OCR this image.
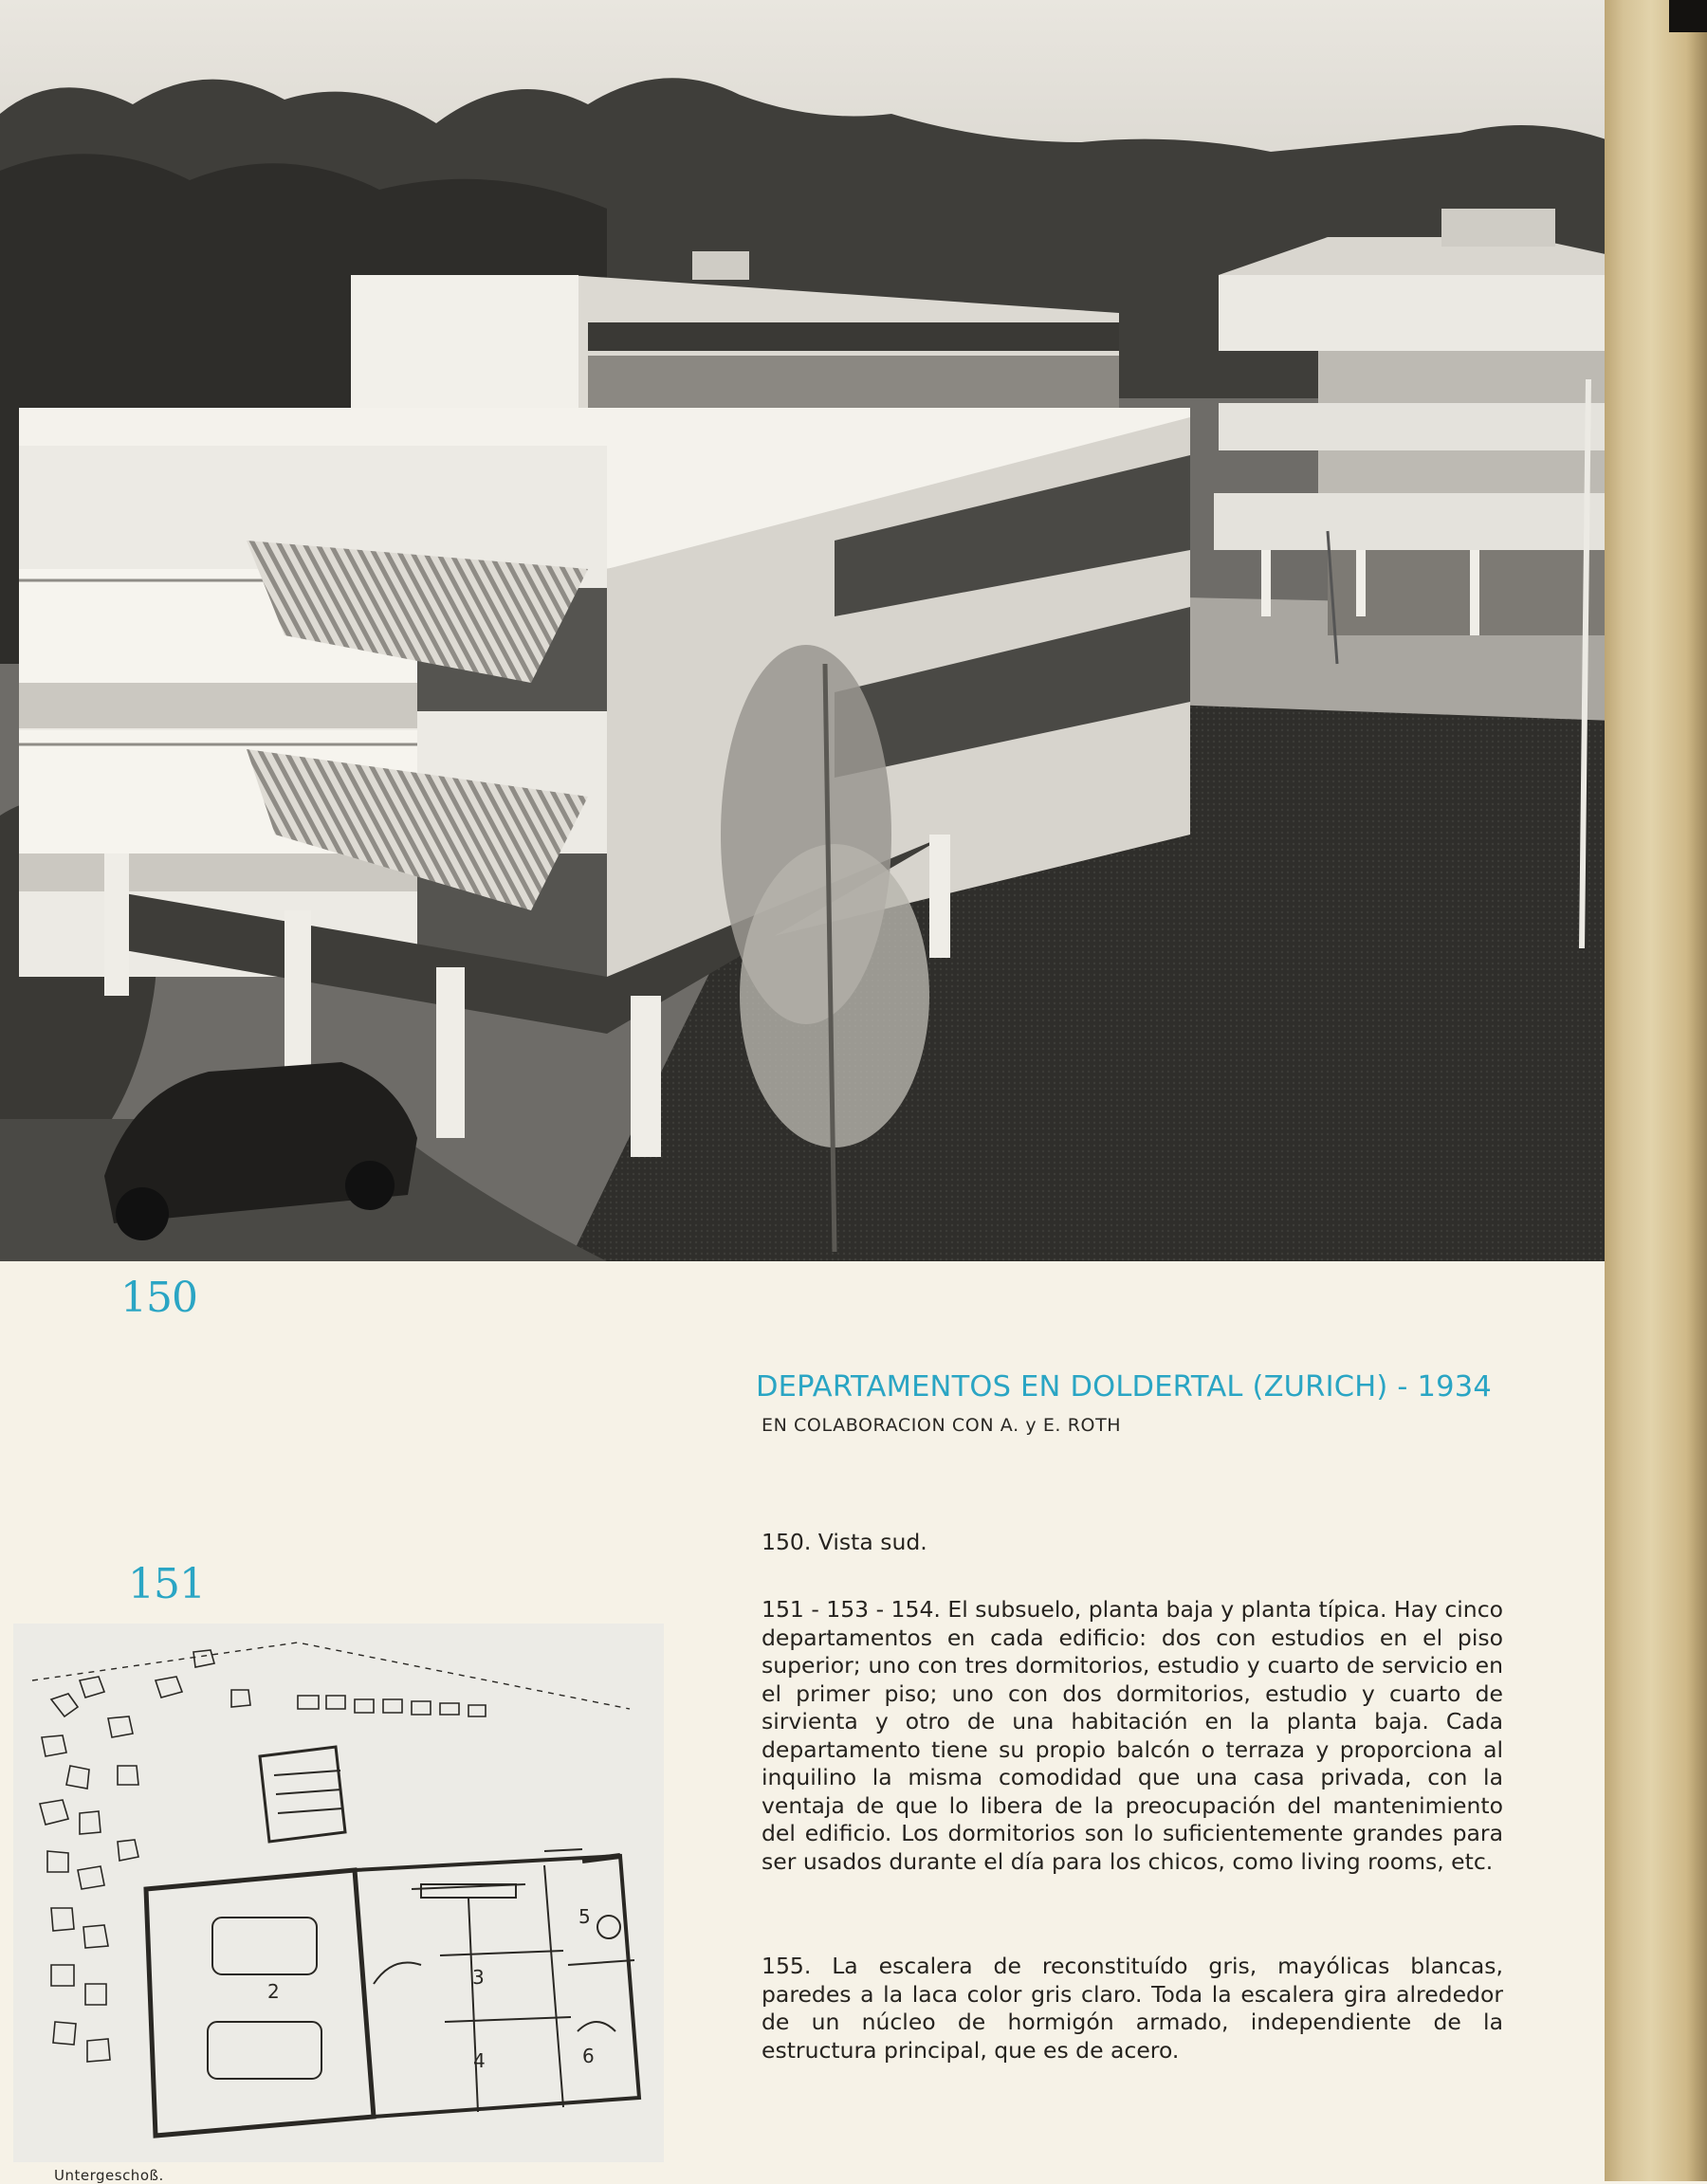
150
DEPARTAMENTOS EN DOLDERTAL (ZURICH) - 1934
EN COLABORACION CON A. y E. ROTH
150. Vista sud.
151 - 153 - 154. El subsuelo, planta baja y planta típica. Hay cinco departamentos en cada edificio: dos con estudios en el piso superior; uno con tres dormitorios, estudio y cuarto de servicio en el primer piso; uno con dos dormitorios, estudio y cuarto de sirvienta y otro de una habitación en la planta baja. Cada departamento tiene su propio balcón o terraza y proporciona al inquilino la misma comodidad que una casa privada, con la ventaja de que lo libera de la preocupación del mantenimiento del edificio. Los dormitorios son lo suficientemente grandes para ser usados durante el día para los chicos, como living rooms, etc.
155. La escalera de reconstituído gris, mayólicas blancas, paredes a la laca color gris claro. Toda la escalera gira alrededor de un núcleo de hormigón armado, independiente de la estructura principal, que es de acero.
151
2
3
4
5
6
Untergeschoß.
